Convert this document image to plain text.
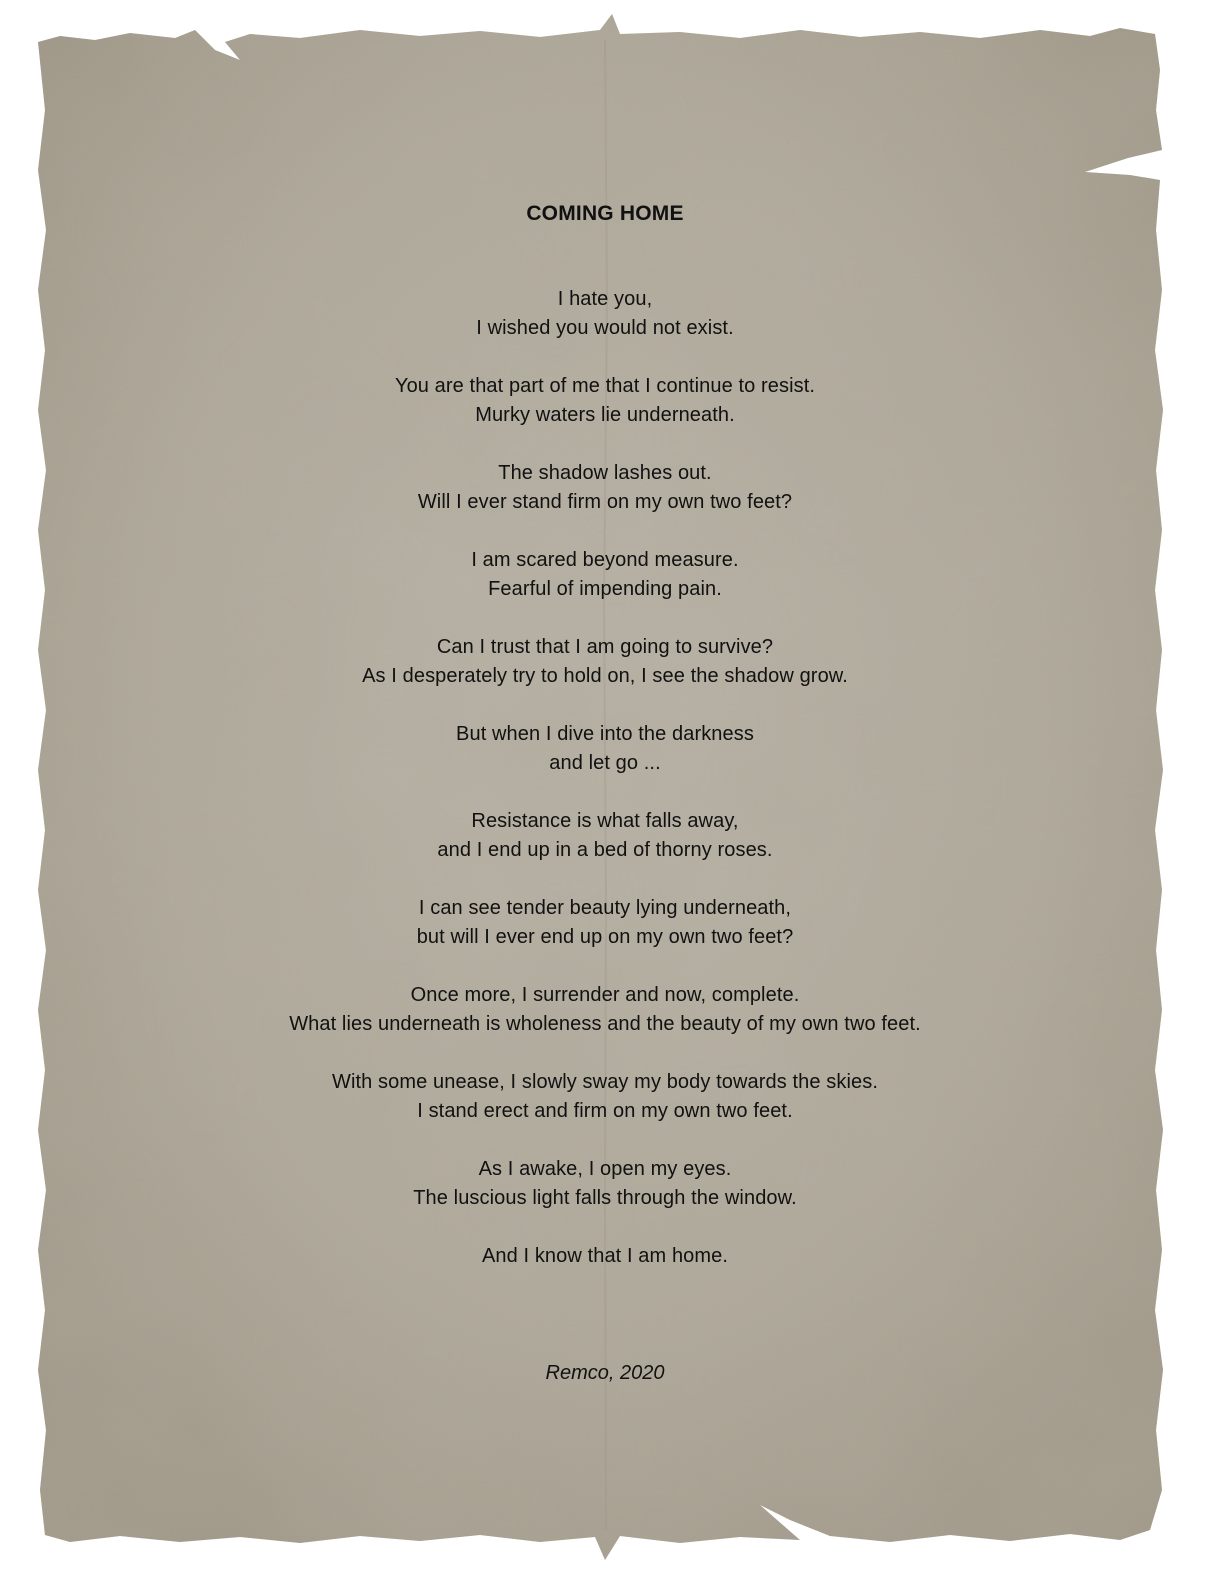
COMING HOME
I hate you,
I wished you would not exist.
You are that part of me that I continue to resist.
Murky waters lie underneath.
The shadow lashes out.
Will I ever stand firm on my own two feet?
I am scared beyond measure.
Fearful of impending pain.
Can I trust that I am going to survive?
As I desperately try to hold on, I see the shadow grow.
But when I dive into the darkness
and let go ...
Resistance is what falls away,
and I end up in a bed of thorny roses.
I can see tender beauty lying underneath,
but will I ever end up on my own two feet?
Once more, I surrender and now, complete.
What lies underneath is wholeness and the beauty of my own two feet.
With some unease, I slowly sway my body towards the skies.
I stand erect and firm on my own two feet.
As I awake, I open my eyes.
The luscious light falls through the window.
And I know that I am home.
Remco, 2020
